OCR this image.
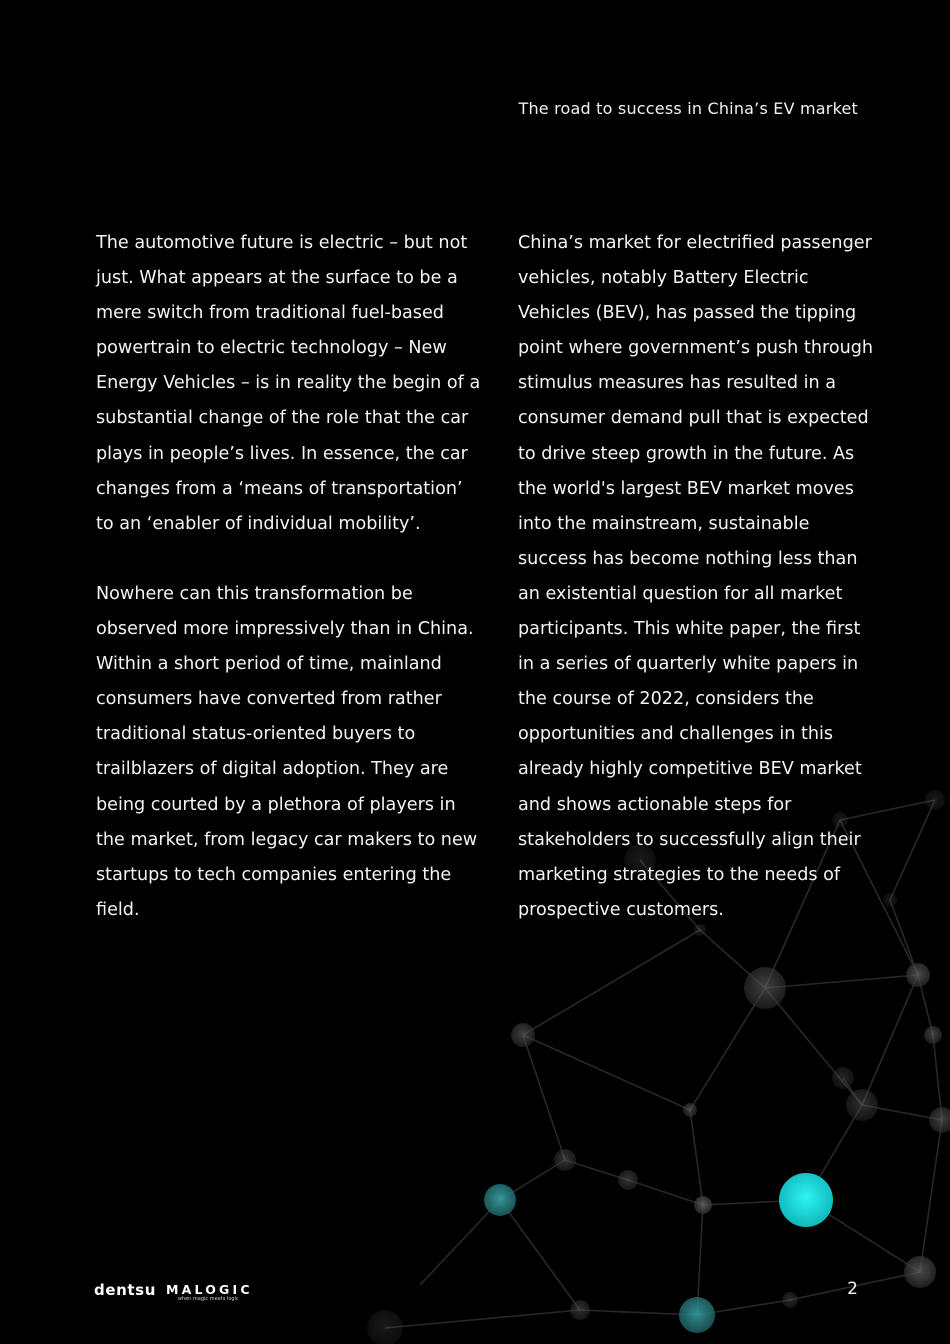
The road to success in China’s EV market

The automotive future is electric – but not just. What appears at the surface to be a mere switch from traditional fuel-based powertrain to electric technology – New Energy Vehicles – is in reality the begin of a substantial change of the role that the car plays in people’s lives. In essence, the car changes from a ‘means of transportation’ to an ‘enabler of individual mobility’.

Nowhere can this transformation be observed more impressively than in China. Within a short period of time, mainland consumers have converted from rather traditional status-oriented buyers to trailblazers of digital adoption. They are being courted by a plethora of players in the market, from legacy car makers to new startups to tech companies entering the field.

China’s market for electrified passenger vehicles, notably Battery Electric Vehicles (BEV), has passed the tipping point where government’s push through stimulus measures has resulted in a consumer demand pull that is expected to drive steep growth in the future. As the world's largest BEV market moves into the mainstream, sustainable success has become nothing less than an existential question for all market participants. This white paper, the first in a series of quarterly white papers in the course of 2022, considers the opportunities and challenges in this already highly competitive BEV market and shows actionable steps for stakeholders to successfully align their marketing strategies to the needs of prospective customers.

dentsu MALOGIC
when magic meets logic	2
